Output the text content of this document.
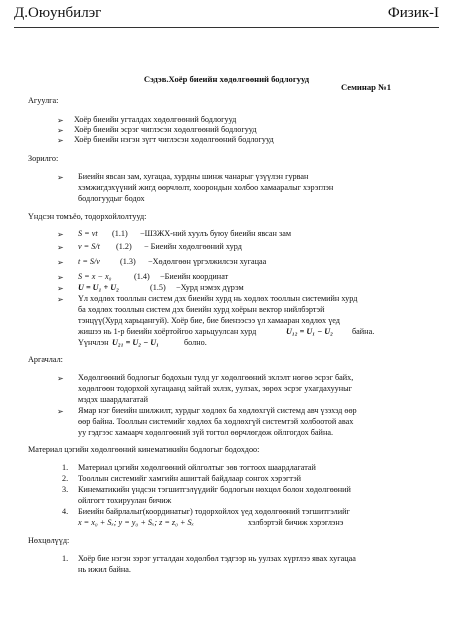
Д.Оюунбилэг	Физик-I
Семинар №1
Сэдэв.Хоёр биеийн хөдөлгөөний бодлогууд
Агуулга:
➢ Хоёр биеийн угталдах хөдөлгөөний бодлогууд
➢ Хоёр биеийн эсрэг чиглэсэн хөдөлгөөний бодлогууд
➢ Хоёр биеийн нэгэн зүгт чиглэсэн хөдөлгөөний бодлогууд
Зорилго:
➢ Биеийн явсан зам, хугацаа, хурдны шинж чанарыг үзүүлэн гурван
хэмжигдэхүүний жигд өөрчлөлт, хоорондын холбоо хамааралыг хэрэглэн
бодлогуудыг бодох
Үндсэн томъёо, тодорхойлолтууд:
➢ S = vt (1.1) −ШЗЖХ-ний хуулъ буюу биеийн явсан зам
➢ v = S/t (1.2) − Биеийн хөдөлгөөний хурд
➢ t = S/v (1.3) −Хөдөлгөөн үргэлжилсэн хугацаа
➢ S = x − x₀	(1.4) −Биеийн координат
➢ U = U₁ + U₂	(1.5) −Хурд нэмэх дүрэм
➢ Үл хөдлөх тооллын систем дэх биеийн хурд нь хөдлөх тооллын системийн хурд
ба хөдлөх тооллын систем дэх биеийн хурд хоёрын вектор нийлбэртэй
тэнцүү(Хурд харьцангуй). Хоёр бие, бие биенээсээ үл хамааран хөдлөх үед
жишээ нь 1-р биеийн хоёртойгоо харьцуулсан хурд	U₁₂ = U₁ − U₂ байна.
Үүнчлэн U₂₁ = U₂ − U₁	болно.
Аргачлал:
➢ Хөдөлгөөний бодлогыг бодохын тулд уг хөдөлгөөний эхлэлт нөгөө эсрэг байх,
хөдөлгөөн тодорхой хугацаанд зайтай эхлэх, уулзах, зөрөх эсрэг ухагдахууныг
мэдэх шаардлагатай
➢ Ямар нэг биеийн шилжилт, хурдыг хөдлөх ба хөдлөхгүй системд авч үзэхэд өөр
өөр байна. Тооллын системийг хөдлөх ба хөдлөхгүй системтэй холбоотой авах
уу гэдгээс хамаарч хөдөлгөөний зүй тогтол өөрчлөгдөж ойлгогдох байна.
Материал цэгийн хөдөлгөөний кинематикийн бодлогыг бодохдоо:
1. Материал цэгийн хөдөлгөөний ойлголтыг зөв тогтоох шаардлагатай
2. Тооллын системийг хамгийн ашигтай байдлаар сонгох хэрэгтэй
3. Кинематикийн үндсэн тэгшитгэлүүдийг бодлогын нөхцөл болон хөдөлгөөний
ойлгогт тохируулан бичиж
4. Биеийн байрлалыг(координатыг) тодорхойлох үед хөдөлгөөний тэгшитгэлийг
x = x₀ + Sₓ; y = y₀ + Sₓ; z = z₀ + Sₓ	хэлбэртэй бичиж хэрэглэнэ
Нөхцөлүүд:
1. Хоёр бие нэгэн зэрэг угталдан хөдөлбөл тэдгээр нь уулзах хүртлээ явах хугацаа
нь ижил байна.
